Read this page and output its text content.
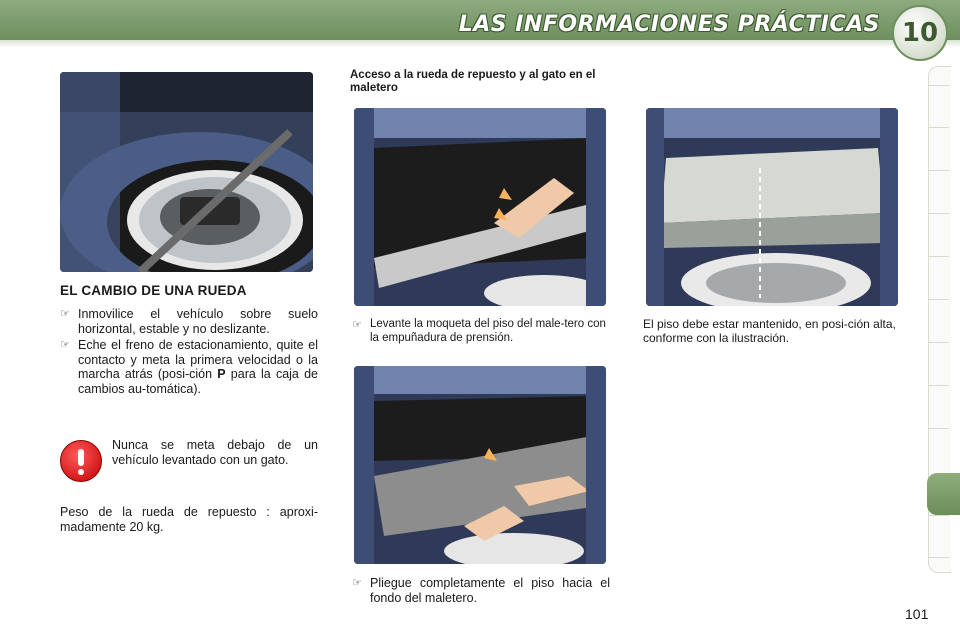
LAS INFORMACIONES PRÁCTICAS 10
EL CAMBIO DE UNA RUEDA
☞ Inmovilice el vehículo sobre suelo horizontal, estable y no deslizante.
☞ Eche el freno de estacionamiento, quite el contacto y meta la primera velocidad o la marcha atrás (posi-ción P para la caja de cambios au-tomática).
Nunca se meta debajo de un vehículo levantado con un gato.
Peso de la rueda de repuesto : aproxi-madamente 20 kg.
Acceso a la rueda de repuesto y al gato en el maletero
☞ Levante la moqueta del piso del male-tero con la empuñadura de prensión.
☞ Pliegue completamente el piso hacia el fondo del maletero.
El piso debe estar mantenido, en posi-ción alta, conforme con la ilustración.
101
